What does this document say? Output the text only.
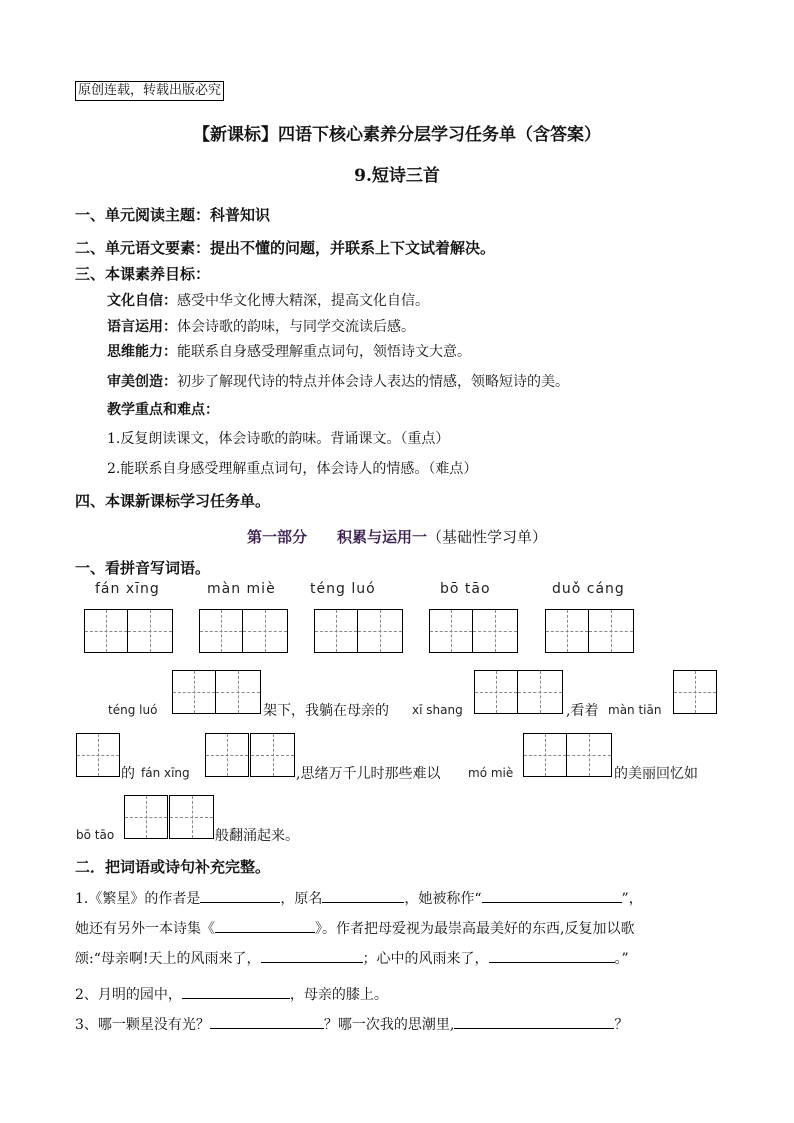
原创连载，转载出版必究
【新课标】四语下核心素养分层学习任务单（含答案）
9.短诗三首
一、单元阅读主题：科普知识
二、单元语文要素：提出不懂的问题，并联系上下文试着解决。
三、本课素养目标：
文化自信：感受中华文化博大精深，提高文化自信。
语言运用：体会诗歌的韵味，与同学交流读后感。
思维能力：能联系自身感受理解重点词句，领悟诗文大意。
审美创造：初步了解现代诗的特点并体会诗人表达的情感，领略短诗的美。
教学重点和难点：
1.反复朗读课文，体会诗歌的韵味。背诵课文。（重点）
2.能联系自身感受理解重点词句，体会诗人的情感。（难点）
四、本课新课标学习任务单。
第一部分　　积累与运用一（基础性学习单）
一、看拼音写词语。
fán xīng	màn miè téng luó	bō tāo	duǒ cáng
téng luó	架下，我躺在母亲的 xī shang	,看着 màn tiān
的 fán xīng	,思绪万千儿时那些难以 mó miè	的美丽回忆如
bō tāo	般翻涌起来。
二．把词语或诗句补充完整。
1.《繁星》的作者是	，原名	，她被称作“	”，
她还有另外一本诗集《	》。作者把母爱视为最崇高最美好的东西,反复加以歌
颂:“母亲啊!天上的风雨来了，	；心中的风雨来了，	。”
2、月明的园中，	，母亲的膝上。
3、哪一颗星没有光？	？哪一次我的思潮里,	？
